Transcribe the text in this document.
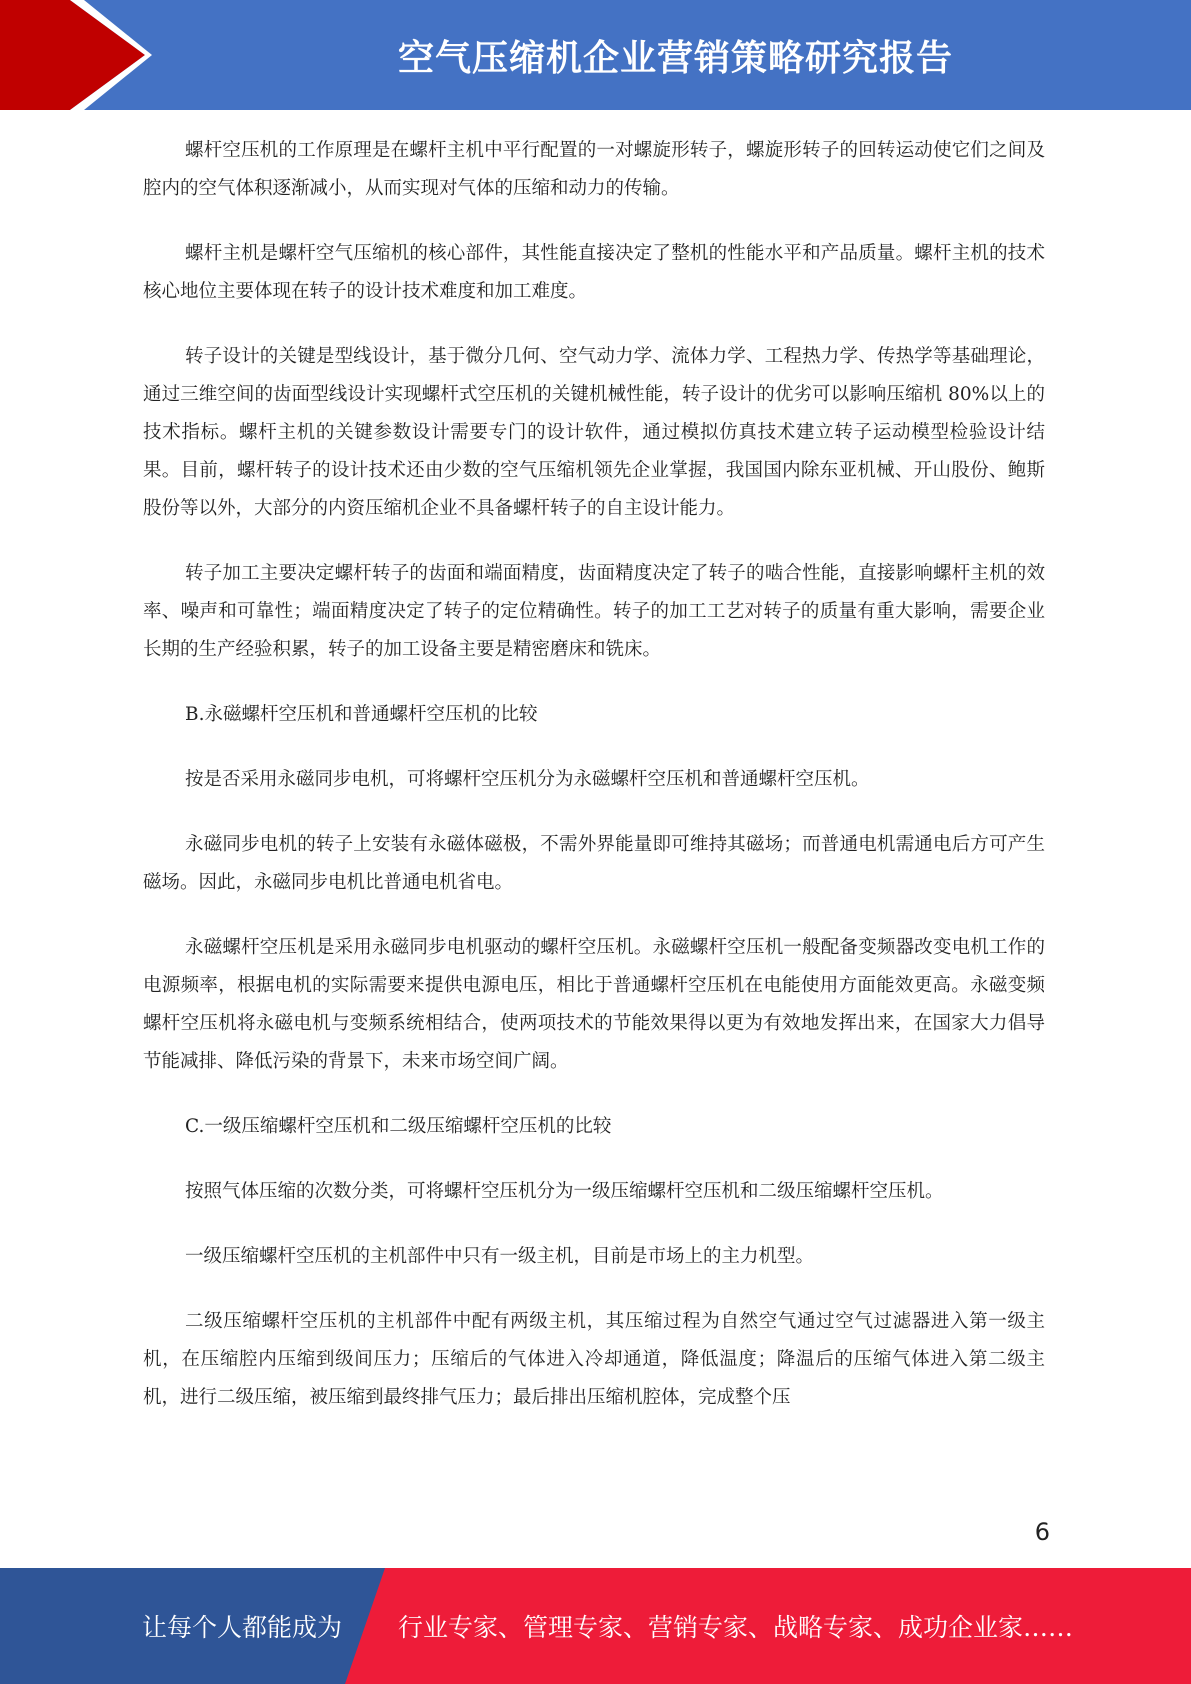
空气压缩机企业营销策略研究报告

螺杆空压机的工作原理是在螺杆主机中平行配置的一对螺旋形转子，螺旋形转子的回转运动使它们之间及腔内的空气体积逐渐减小，从而实现对气体的压缩和动力的传输。

螺杆主机是螺杆空气压缩机的核心部件，其性能直接决定了整机的性能水平和产品质量。螺杆主机的技术核心地位主要体现在转子的设计技术难度和加工难度。

转子设计的关键是型线设计，基于微分几何、空气动力学、流体力学、工程热力学、传热学等基础理论，通过三维空间的齿面型线设计实现螺杆式空压机的关键机械性能，转子设计的优劣可以影响压缩机 80%以上的技术指标。螺杆主机的关键参数设计需要专门的设计软件，通过模拟仿真技术建立转子运动模型检验设计结果。目前，螺杆转子的设计技术还由少数的空气压缩机领先企业掌握，我国国内除东亚机械、开山股份、鲍斯股份等以外，大部分的内资压缩机企业不具备螺杆转子的自主设计能力。

转子加工主要决定螺杆转子的齿面和端面精度，齿面精度决定了转子的啮合性能，直接影响螺杆主机的效率、噪声和可靠性；端面精度决定了转子的定位精确性。转子的加工工艺对转子的质量有重大影响，需要企业长期的生产经验积累，转子的加工设备主要是精密磨床和铣床。

B.永磁螺杆空压机和普通螺杆空压机的比较

按是否采用永磁同步电机，可将螺杆空压机分为永磁螺杆空压机和普通螺杆空压机。

永磁同步电机的转子上安装有永磁体磁极，不需外界能量即可维持其磁场；而普通电机需通电后方可产生磁场。因此，永磁同步电机比普通电机省电。

永磁螺杆空压机是采用永磁同步电机驱动的螺杆空压机。永磁螺杆空压机一般配备变频器改变电机工作的电源频率，根据电机的实际需要来提供电源电压，相比于普通螺杆空压机在电能使用方面能效更高。永磁变频螺杆空压机将永磁电机与变频系统相结合，使两项技术的节能效果得以更为有效地发挥出来，在国家大力倡导节能减排、降低污染的背景下，未来市场空间广阔。

C.一级压缩螺杆空压机和二级压缩螺杆空压机的比较

按照气体压缩的次数分类，可将螺杆空压机分为一级压缩螺杆空压机和二级压缩螺杆空压机。

一级压缩螺杆空压机的主机部件中只有一级主机，目前是市场上的主力机型。

二级压缩螺杆空压机的主机部件中配有两级主机，其压缩过程为自然空气通过空气过滤器进入第一级主机，在压缩腔内压缩到级间压力；压缩后的气体进入冷却通道，降低温度；降温后的压缩气体进入第二级主机，进行二级压缩，被压缩到最终排气压力；最后排出压缩机腔体，完成整个压

6
让每个人都能成为 行业专家、管理专家、营销专家、战略专家、成功企业家……
